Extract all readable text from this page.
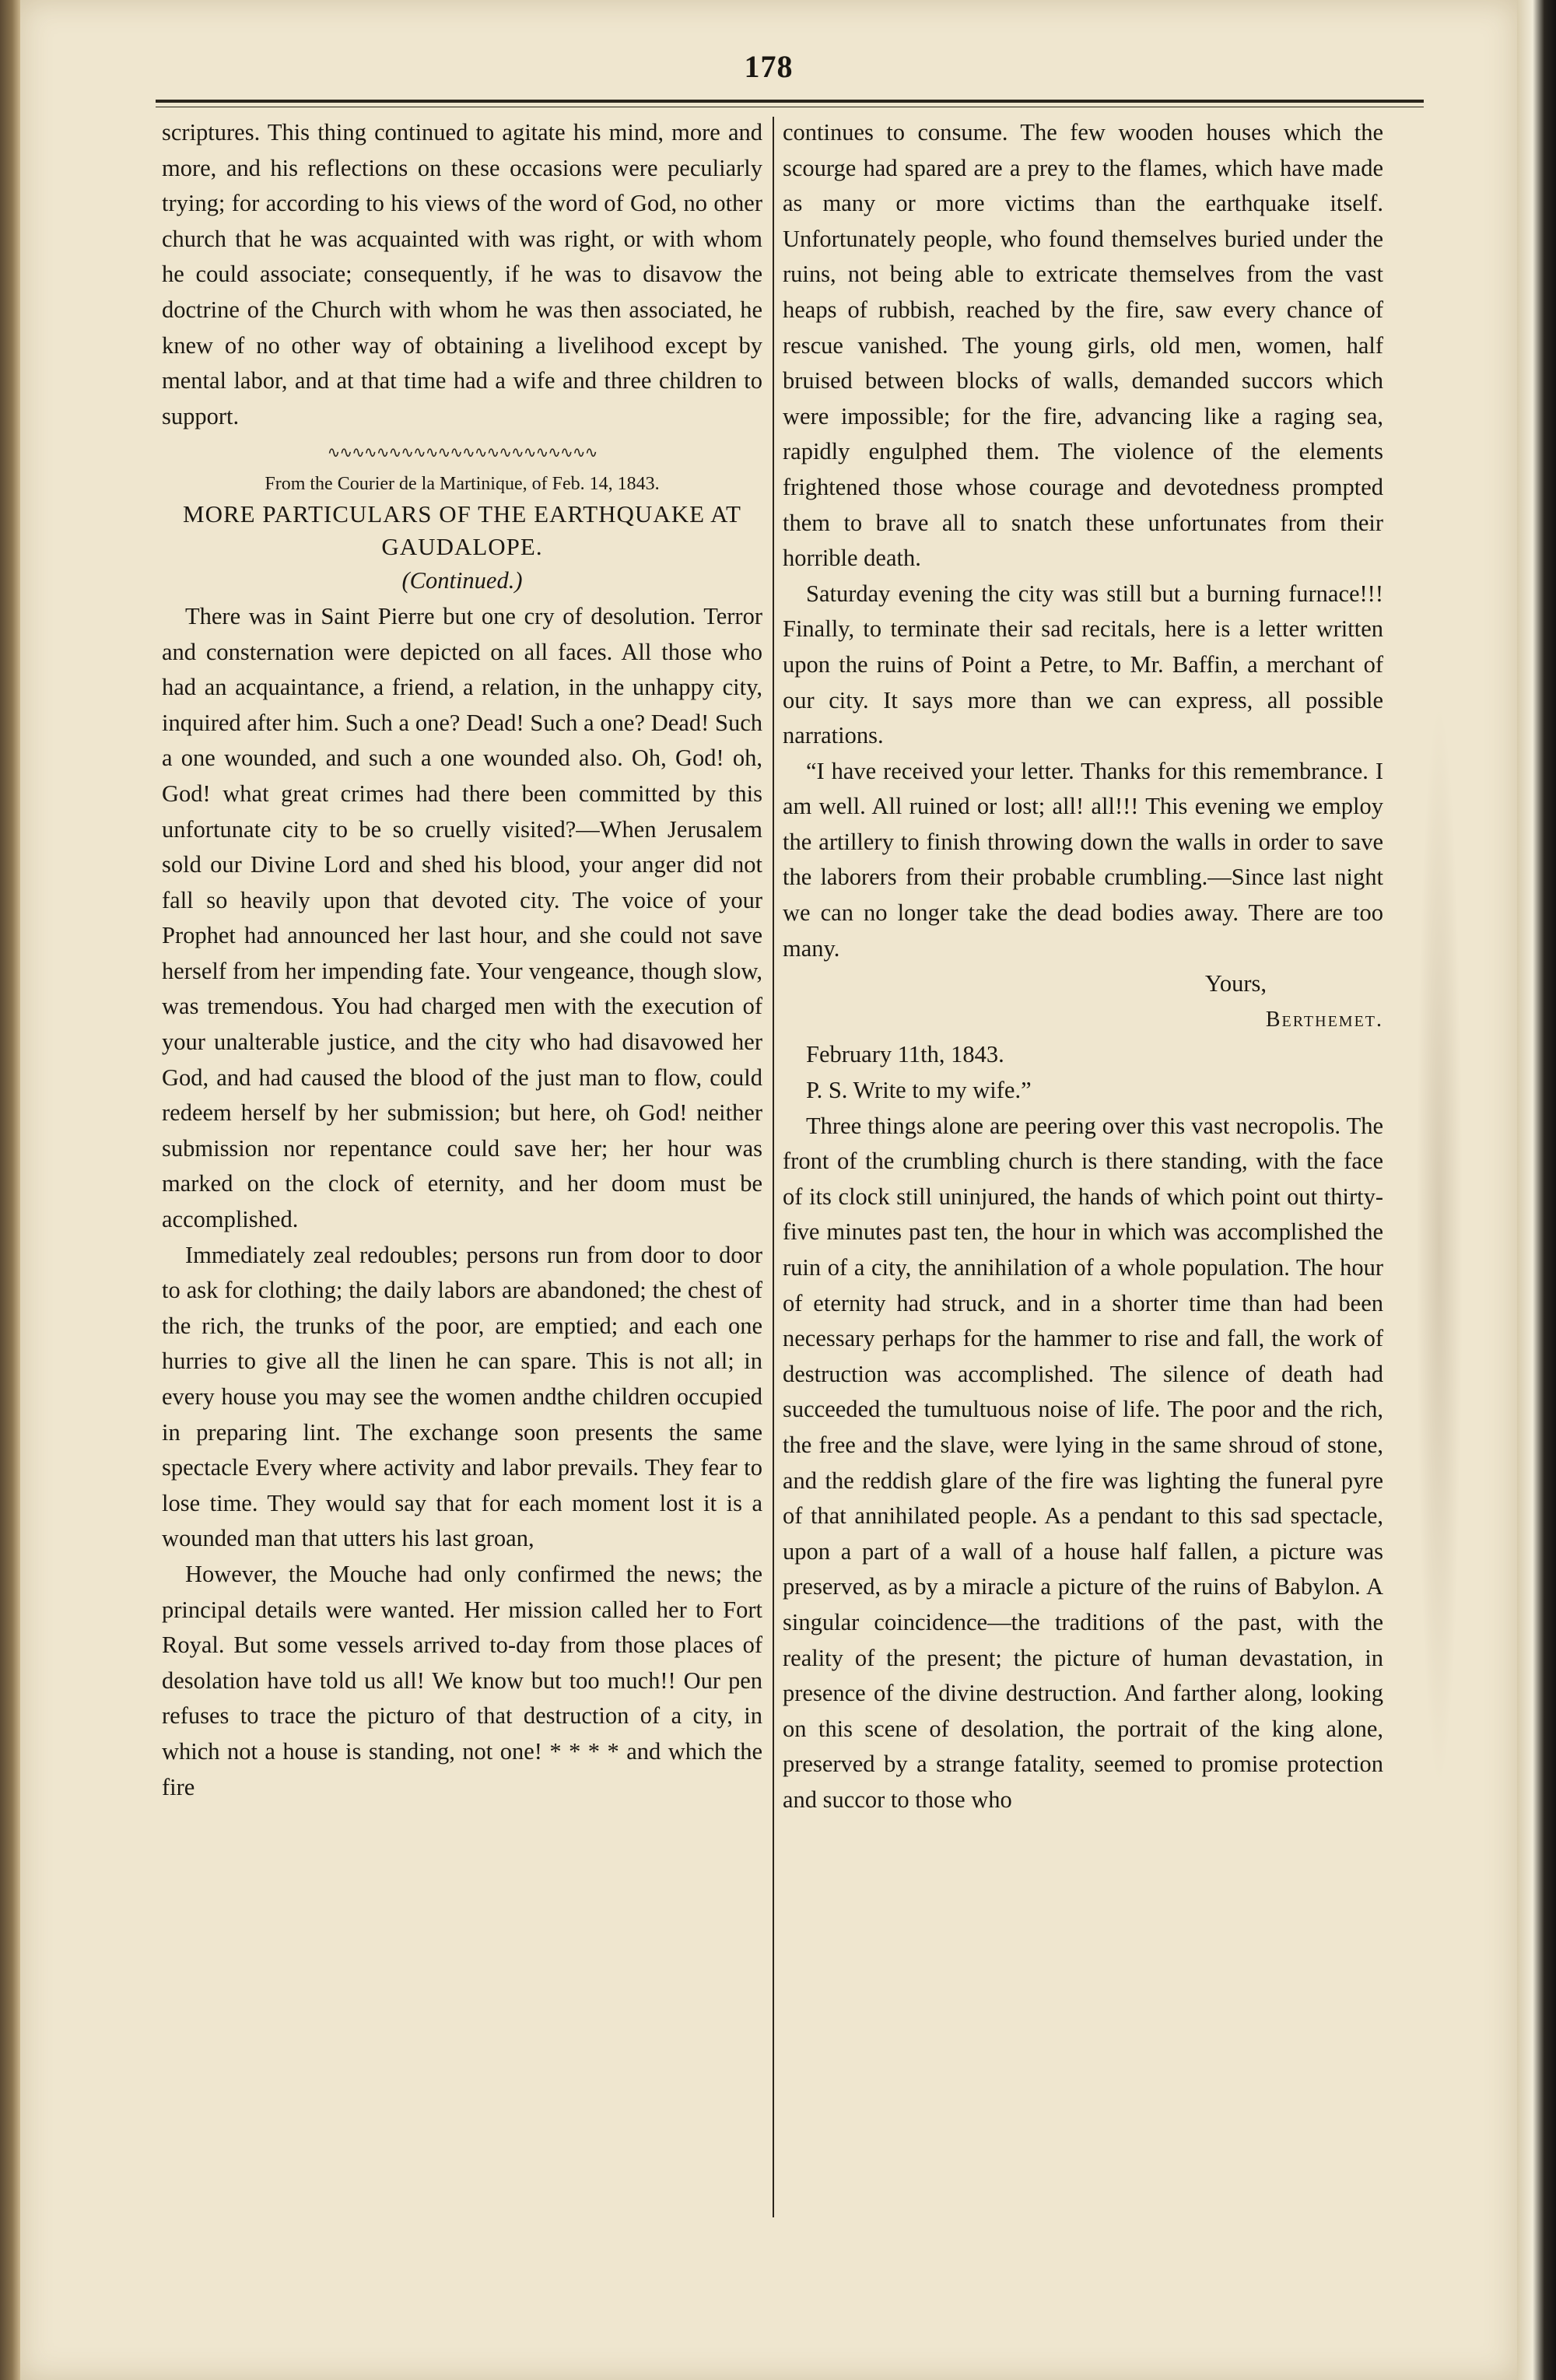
178

scriptures. This thing continued to agitate his mind, more and more, and his reflections on these occasions were peculiarly trying; for according to his views of the word of God, no other church that he was acquainted with was right, or with whom he could associate; consequently, if he was to disavow the doctrine of the Church with whom he was then associated, he knew of no other way of obtaining a livelihood except by mental labor, and at that time had a wife and three children to support.

∿∿∿∿∿∿∿∿∿∿∿∿∿∿∿∿∿∿∿∿∿∿
From the Courier de la Martinique, of Feb. 14, 1843.
MORE PARTICULARS OF THE EARTHQUAKE AT GAUDALOPE.
(Continued.)

There was in Saint Pierre but one cry of desolution. Terror and consternation were depicted on all faces. All those who had an acquaintance, a friend, a relation, in the unhappy city, inquired after him. Such a one? Dead! Such a one? Dead! Such a one wounded, and such a one wounded also. Oh, God! oh, God! what great crimes had there been committed by this unfortunate city to be so cruelly visited?—When Jerusalem sold our Divine Lord and shed his blood, your anger did not fall so heavily upon that devoted city. The voice of your Prophet had announced her last hour, and she could not save herself from her impending fate. Your vengeance, though slow, was tremendous. You had charged men with the execution of your unalterable justice, and the city who had disavowed her God, and had caused the blood of the just man to flow, could redeem herself by her submission; but here, oh God! neither submission nor repentance could save her; her hour was marked on the clock of eternity, and her doom must be accomplished.

Immediately zeal redoubles; persons run from door to door to ask for clothing; the daily labors are abandoned; the chest of the rich, the trunks of the poor, are emptied; and each one hurries to give all the linen he can spare. This is not all; in every house you may see the women andthe children occupied in preparing lint. The exchange soon presents the same spectacle Every where activity and labor prevails. They fear to lose time. They would say that for each moment lost it is a wounded man that utters his last groan,

However, the Mouche had only confirmed the news; the principal details were wanted. Her mission called her to Fort Royal. But some vessels arrived to-day from those places of desolation have told us all! We know but too much!! Our pen refuses to trace the picturo of that destruction of a city, in which not a house is standing, not one! * * * * and which the fire

continues to consume. The few wooden houses which the scourge had spared are a prey to the flames, which have made as many or more victims than the earthquake itself. Unfortunately people, who found themselves buried under the ruins, not being able to extricate themselves from the vast heaps of rubbish, reached by the fire, saw every chance of rescue vanished. The young girls, old men, women, half bruised between blocks of walls, demanded succors which were impossible; for the fire, advancing like a raging sea, rapidly engulphed them. The violence of the elements frightened those whose courage and devotedness prompted them to brave all to snatch these unfortunates from their horrible death.

Saturday evening the city was still but a burning furnace!!! Finally, to terminate their sad recitals, here is a letter written upon the ruins of Point a Petre, to Mr. Baffin, a merchant of our city. It says more than we can express, all possible narrations.

“I have received your letter. Thanks for this remembrance. I am well. All ruined or lost; all! all!!! This evening we employ the artillery to finish throwing down the walls in order to save the laborers from their probable crumbling.—Since last night we can no longer take the dead bodies away. There are too many.

Yours,
Berthemet.

February 11th, 1843.

P. S. Write to my wife.”

Three things alone are peering over this vast necropolis. The front of the crumbling church is there standing, with the face of its clock still uninjured, the hands of which point out thirty-five minutes past ten, the hour in which was accomplished the ruin of a city, the annihilation of a whole population. The hour of eternity had struck, and in a shorter time than had been necessary perhaps for the hammer to rise and fall, the work of destruction was accomplished. The silence of death had succeeded the tumultuous noise of life. The poor and the rich, the free and the slave, were lying in the same shroud of stone, and the reddish glare of the fire was lighting the funeral pyre of that annihilated people. As a pendant to this sad spectacle, upon a part of a wall of a house half fallen, a picture was preserved, as by a miracle a picture of the ruins of Babylon. A singular coincidence—the traditions of the past, with the reality of the present; the picture of human devastation, in presence of the divine destruction. And farther along, looking on this scene of desolation, the portrait of the king alone, preserved by a strange fatality, seemed to promise protection and succor to those who
